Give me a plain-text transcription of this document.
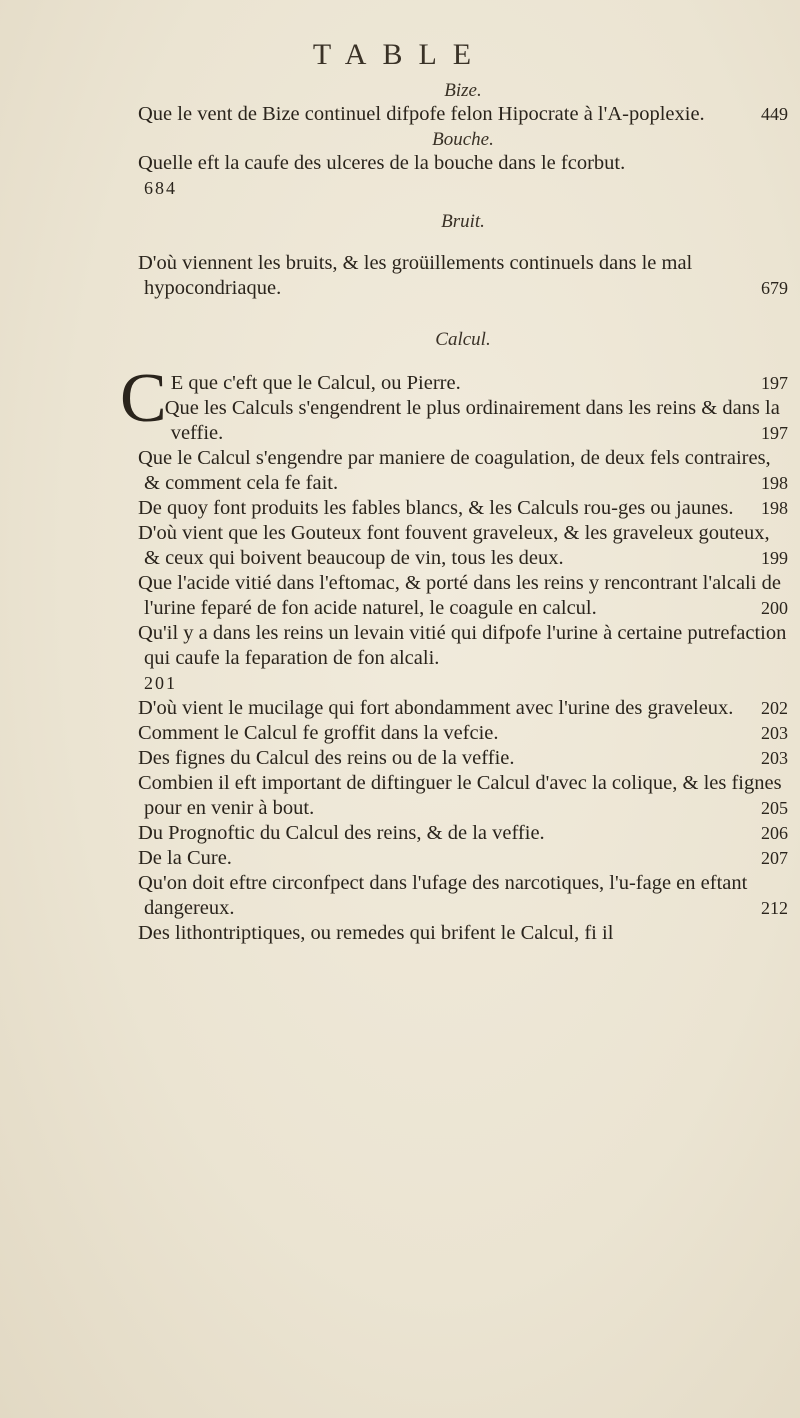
TABLE

Bize.

Que le vent de Bize continuel difpofe felon Hipocrate à l'A-poplexie.	449

Bouche.

Quelle eft la caufe des ulceres de la bouche dans le fcorbut.
684

Bruit.

D'où viennent les bruits, & les groüillements continuels dans le mal hypocondriaque.	679

Calcul.

C E que c'eft que le Calcul, ou Pierre.	197

Que les Calculs s'engendrent le plus ordinairement dans les reins & dans la veffie.	197

Que le Calcul s'engendre par maniere de coagulation, de deux fels contraires, & comment cela fe fait.	198

De quoy font produits les fables blancs, & les Calculs rou-ges ou jaunes. 198

D'où vient que les Gouteux font fouvent graveleux, & les graveleux gouteux, & ceux qui boivent beaucoup de vin, tous les deux.	199

Que l'acide vitié dans l'eftomac, & porté dans les reins y rencontrant l'alcali de l'urine feparé de fon acide naturel, le coagule en calcul.	200

Qu'il y a dans les reins un levain vitié qui difpofe l'urine à certaine putrefaction qui caufe la feparation de fon alcali.
201

D'où vient le mucilage qui fort abondamment avec l'urine des graveleux. 202

Comment le Calcul fe groffit dans la vefcie.	203

Des fignes du Calcul des reins ou de la veffie.	203

Combien il eft important de diftinguer le Calcul d'avec la colique, & les fignes pour en venir à bout.	205

Du Prognoftic du Calcul des reins, & de la veffie.	206

De la Cure.	207

Qu'on doit eftre circonfpect dans l'ufage des narcotiques, l'u-fage en eftant dangereux.	212

Des lithontriptiques, ou remedes qui brifent le Calcul, fi il
